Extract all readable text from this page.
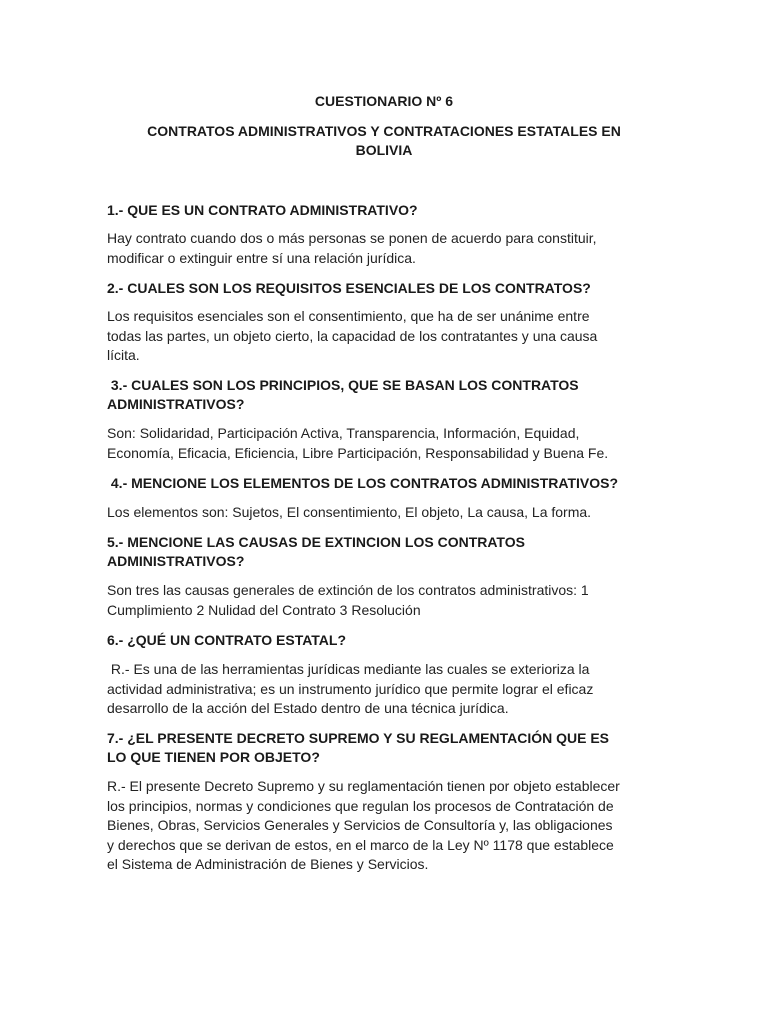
CUESTIONARIO Nº 6

CONTRATOS ADMINISTRATIVOS Y CONTRATACIONES ESTATALES EN

BOLIVIA

1.- QUE ES UN CONTRATO ADMINISTRATIVO?

Hay contrato cuando dos o más personas se ponen de acuerdo para constituir,
modificar o extinguir entre sí una relación jurídica.

2.- CUALES SON LOS REQUISITOS ESENCIALES DE LOS CONTRATOS?

Los requisitos esenciales son el consentimiento, que ha de ser unánime entre
todas las partes, un objeto cierto, la capacidad de los contratantes y una causa
lícita.

3.- CUALES SON LOS PRINCIPIOS, QUE SE BASAN LOS CONTRATOS
ADMINISTRATIVOS?

Son: Solidaridad, Participación Activa, Transparencia, Información, Equidad,
Economía, Eficacia, Eficiencia, Libre Participación, Responsabilidad y Buena Fe.

4.- MENCIONE LOS ELEMENTOS DE LOS CONTRATOS ADMINISTRATIVOS?

Los elementos son: Sujetos, El consentimiento, El objeto, La causa, La forma.

5.- MENCIONE LAS CAUSAS DE EXTINCION LOS CONTRATOS
ADMINISTRATIVOS?

Son tres las causas generales de extinción de los contratos administrativos: 1
Cumplimiento 2 Nulidad del Contrato 3 Resolución

6.- ¿QUÉ UN CONTRATO ESTATAL?

R.- Es una de las herramientas jurídicas mediante las cuales se exterioriza la
actividad administrativa; es un instrumento jurídico que permite lograr el eficaz
desarrollo de la acción del Estado dentro de una técnica jurídica.

7.- ¿EL PRESENTE DECRETO SUPREMO Y SU REGLAMENTACIÓN QUE ES
LO QUE TIENEN POR OBJETO?

R.- El presente Decreto Supremo y su reglamentación tienen por objeto establecer
los principios, normas y condiciones que regulan los procesos de Contratación de
Bienes, Obras, Servicios Generales y Servicios de Consultoría y, las obligaciones
y derechos que se derivan de estos, en el marco de la Ley Nº 1178 que establece
el Sistema de Administración de Bienes y Servicios.
